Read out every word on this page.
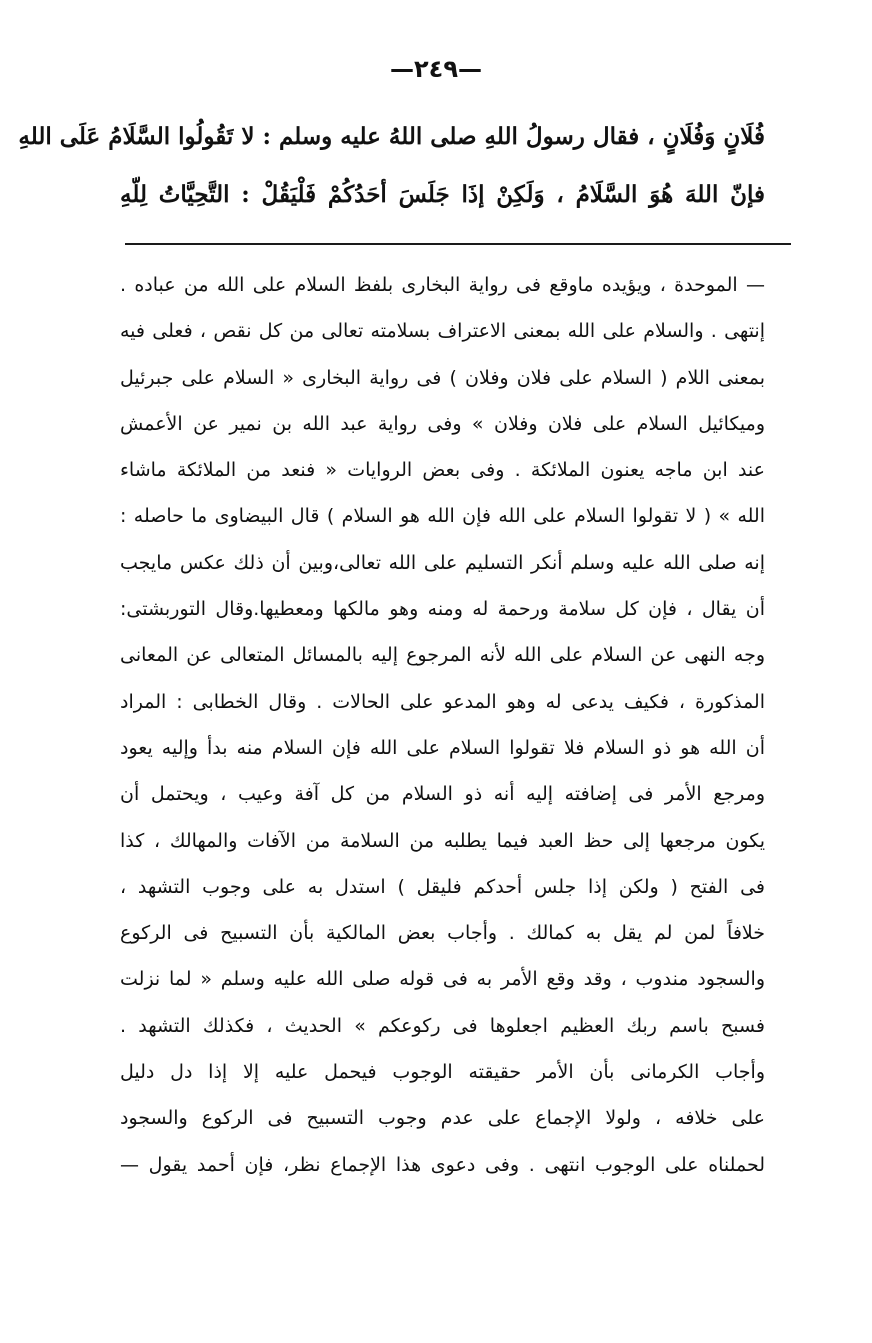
—٢٤٩—
فُلَانٍ وَفُلَانٍ ، فقال رسولُ اللهِ صلى اللهُ عليه وسلم : لا تَقُولُوا السَّلَامُ عَلَى اللهِ
فإنّ اللهَ هُوَ السَّلَامُ ، وَلَكِنْ إذَا جَلَسَ أحَدُكُمْ فَلْيَقُلْ : التَّحِيَّاتُ لِلّهِ
— الموحدة ، ويؤيده ماوقع فى رواية البخارى بلفظ السلام على الله من عباده .
إنتهى . والسلام على الله بمعنى الاعتراف بسلامته تعالى من كل نقص ، فعلى فيه
بمعنى اللام ( السلام على فلان وفلان ) فى رواية البخارى « السلام على جبرئيل
وميكائيل السلام على فلان وفلان » وفى رواية عبد الله بن نمير عن الأعمش
عند ابن ماجه يعنون الملائكة . وفى بعض الروايات « فنعد من الملائكة ماشاء
الله » ( لا تقولوا السلام على الله فإن الله هو السلام ) قال البيضاوى ما حاصله :
إنه صلى الله عليه وسلم أنكر التسليم على الله تعالى،وبين أن ذلك عكس مايجب
أن يقال ، فإن كل سلامة ورحمة له ومنه وهو مالكها ومعطيها.وقال التوربشتى:
وجه النهى عن السلام على الله لأنه المرجوع إليه بالمسائل المتعالى عن المعانى
المذكورة ، فكيف يدعى له وهو المدعو على الحالات . وقال الخطابى : المراد
أن الله هو ذو السلام فلا تقولوا السلام على الله فإن السلام منه بدأ وإليه يعود
ومرجع الأمر فى إضافته إليه أنه ذو السلام من كل آفة وعيب ، ويحتمل أن
يكون مرجعها إلى حظ العبد فيما يطلبه من السلامة من الآفات والمهالك ، كذا
فى الفتح ( ولكن إذا جلس أحدكم فليقل ) استدل به على وجوب التشهد ،
خلافاً لمن لم يقل به كمالك . وأجاب بعض المالكية بأن التسبيح فى الركوع
والسجود مندوب ، وقد وقع الأمر به فى قوله صلى الله عليه وسلم « لما نزلت
فسبح باسم ربك العظيم اجعلوها فى ركوعكم » الحديث ، فكذلك التشهد .
وأجاب الكرمانى بأن الأمر حقيقته الوجوب فيحمل عليه إلا إذا دل دليل
على خلافه ، ولولا الإجماع على عدم وجوب التسبيح فى الركوع والسجود
لحملناه على الوجوب انتهى . وفى دعوى هذا الإجماع نظر، فإن أحمد يقول —
